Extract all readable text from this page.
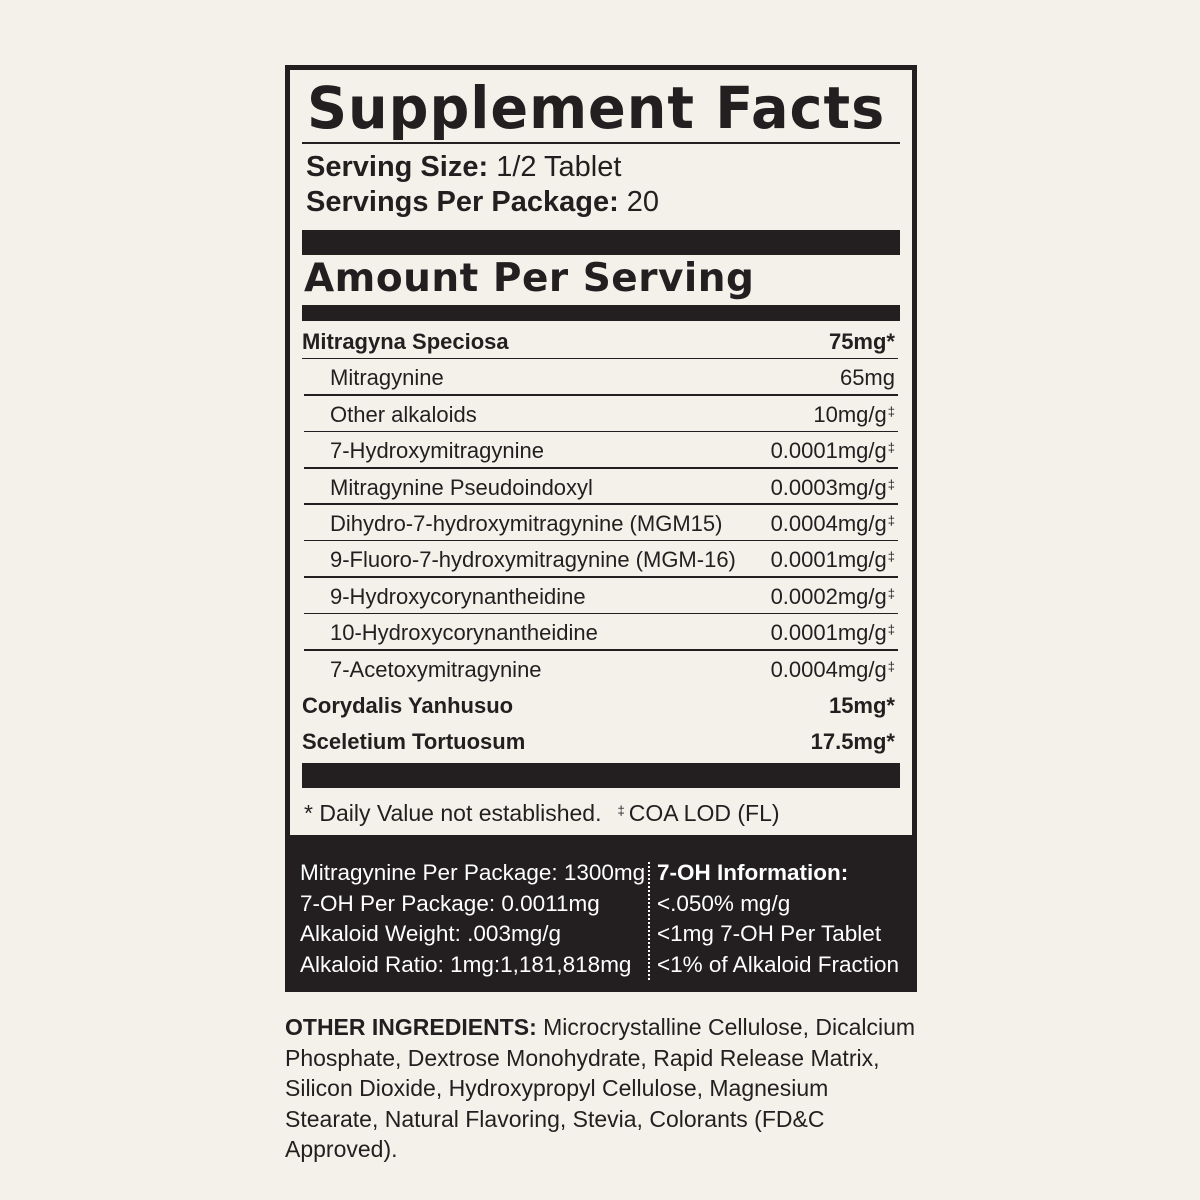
Supplement Facts
Serving Size: 1/2 Tablet
Servings Per Package: 20
Amount Per Serving
Mitragyna Speciosa	75mg*
Mitragynine	65mg
Other alkaloids	10mg/g‡
7-Hydroxymitragynine	0.0001mg/g‡
Mitragynine Pseudoindoxyl	0.0003mg/g‡
Dihydro-7-hydroxymitragynine (MGM15) 0.0004mg/g‡
9-Fluoro-7-hydroxymitragynine (MGM-16) 0.0001mg/g‡
9-Hydroxycorynantheidine	0.0002mg/g‡
10-Hydroxycorynantheidine	0.0001mg/g‡
7-Acetoxymitragynine	0.0004mg/g‡
Corydalis Yanhusuo	15mg*
Sceletium Tortuosum	17.5mg*
* Daily Value not established. ‡ COA LOD (FL)
Mitragynine Per Package: 1300mg
7-OH Per Package: 0.0011mg
Alkaloid Weight: .003mg/g
Alkaloid Ratio: 1mg:1,181,818mg
7-OH Information:
<.050% mg/g
<1mg 7-OH Per Tablet
<1% of Alkaloid Fraction
OTHER INGREDIENTS: Microcrystalline Cellulose, Dicalcium Phosphate, Dextrose Monohydrate, Rapid Release Matrix, Silicon Dioxide, Hydroxypropyl Cellulose, Magnesium Stearate, Natural Flavoring, Stevia, Colorants (FD&C Approved).
